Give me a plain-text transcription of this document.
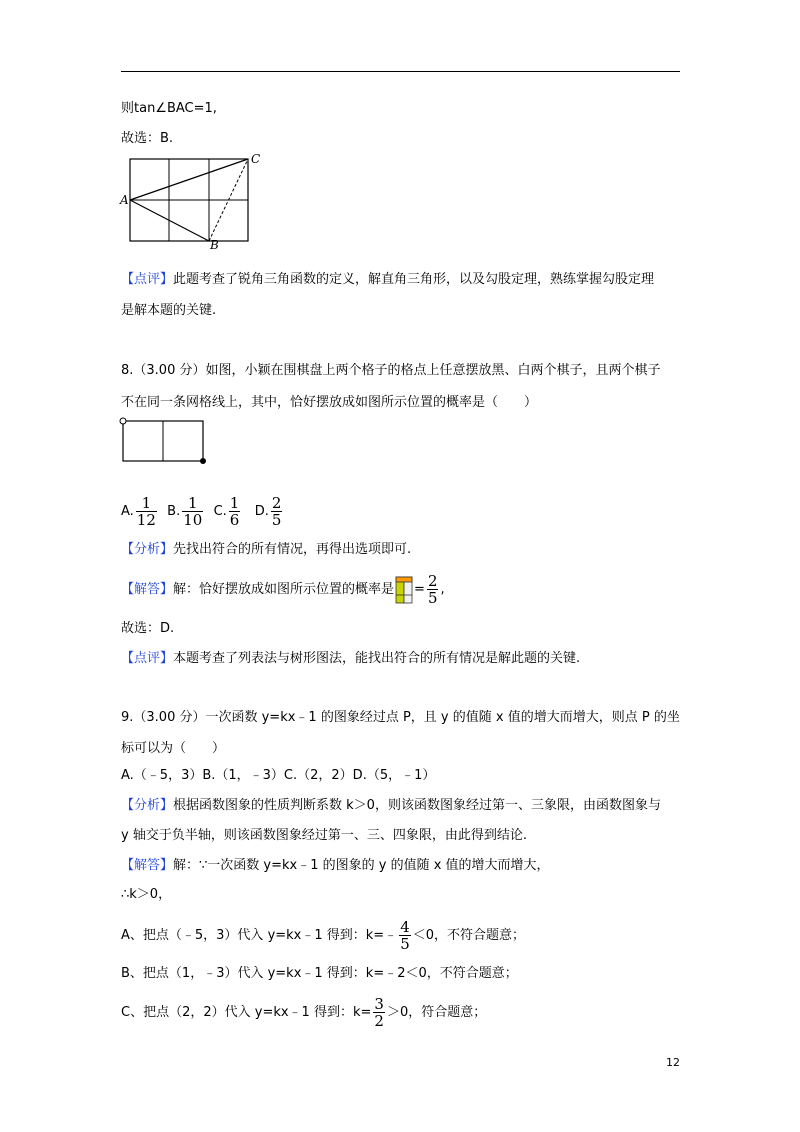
则tan∠BAC=1,
故选：B.
A
B
C
【点评】此题考查了锐角三角函数的定义，解直角三角形，以及勾股定理，熟练掌握勾股定理
是解本题的关键.
8.（3.00 分）如图，小颖在围棋盘上两个格子的格点上任意摆放黑、白两个棋子，且两个棋子
不在同一条网格线上，其中，恰好摆放成如图所示位置的概率是（　　）
A. $\frac{1}{12} B$. $\frac{1}{10} C$. $\frac{1}{6} D$. $\frac{2}{5}$
【分析】先找出符合的所有情况，再得出选项即可.
【解答】解：恰好摆放成如图所示位置的概率是 = $\frac{2}{5}$ ,
故选：D.
【点评】本题考查了列表法与树形图法，能找出符合的所有情况是解此题的关键.
9.（3.00 分）一次函数 y=kx﹣1 的图象经过点 P，且 y 的值随 x 值的增大而增大，则点 P 的坐
标可以为（　　）
A.（﹣5，3）B.（1，﹣3）C.（2，2）D.（5，﹣1）
【分析】根据函数图象的性质判断系数 k＞0，则该函数图象经过第一、三象限，由函数图象与
y 轴交于负半轴，则该函数图象经过第一、三、四象限，由此得到结论.
【解答】解：∵一次函数 y=kx﹣1 的图象的 y 的值随 x 值的增大而增大，
∴k＞0，
A、把点（﹣5，3）代入 y=kx﹣1 得到：k=﹣ $\frac{4}{5} <0$，不符合题意；
B、把点（1，﹣3）代入 y=kx﹣1 得到：k=﹣2＜0，不符合题意；
C、把点（2，2）代入 y=kx﹣1 得到：$k= \frac{3}{2} >0$，符合题意；
12
